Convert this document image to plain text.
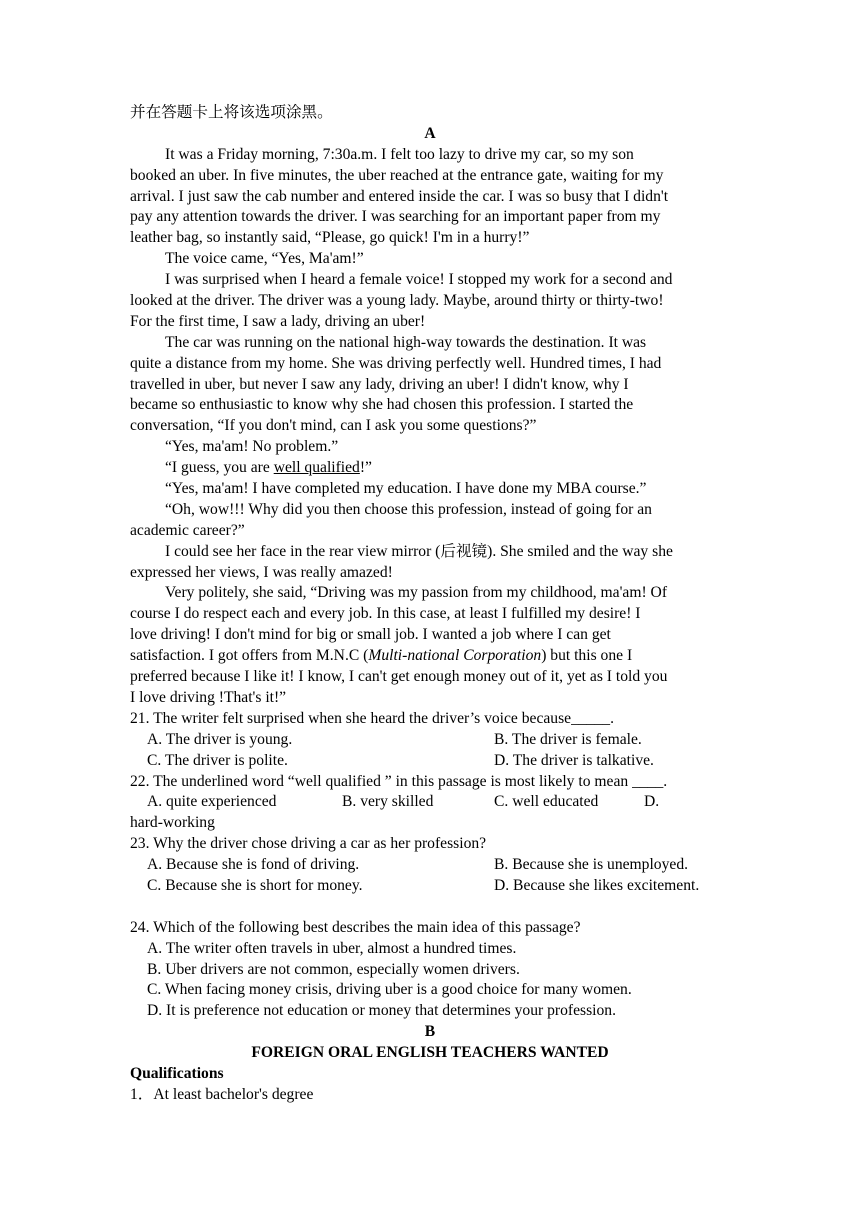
并在答题卡上将该选项涂黑。
A
It was a Friday morning, 7:30a.m. I felt too lazy to drive my car, so my son
booked an uber. In five minutes, the uber reached at the entrance gate, waiting for my
arrival. I just saw the cab number and entered inside the car. I was so busy that I didn't
pay any attention towards the driver. I was searching for an important paper from my
leather bag, so instantly said, “Please, go quick! I'm in a hurry!”
The voice came, “Yes, Ma'am!”
I was surprised when I heard a female voice! I stopped my work for a second and
looked at the driver. The driver was a young lady. Maybe, around thirty or thirty-two!
For the first time, I saw a lady, driving an uber!
The car was running on the national high-way towards the destination. It was
quite a distance from my home. She was driving perfectly well. Hundred times, I had
travelled in uber, but never I saw any lady, driving an uber! I didn't know, why I
became so enthusiastic to know why she had chosen this profession. I started the
conversation, “If you don't mind, can I ask you some questions?”
“Yes, ma'am! No problem.”
“I guess, you are well qualified!”
“Yes, ma'am! I have completed my education. I have done my MBA course.”
“Oh, wow!!! Why did you then choose this profession, instead of going for an
academic career?”
I could see her face in the rear view mirror (后视镜). She smiled and the way she
expressed her views, I was really amazed!
Very politely, she said, “Driving was my passion from my childhood, ma'am! Of
course I do respect each and every job. In this case, at least I fulfilled my desire! I
love driving! I don't mind for big or small job. I wanted a job where I can get
satisfaction. I got offers from M.N.C (Multi-national Corporation) but this one I
preferred because I like it! I know, I can't get enough money out of it, yet as I told you
I love driving !That's it!”
21. The writer felt surprised when she heard the driver’s voice because_____.
A. The driver is young.	B. The driver is female.
C. The driver is polite.	D. The driver is talkative.
22. The underlined word “well qualified ” in this passage is most likely to mean ____.
A. quite experienced	B. very skilled	C. well educated	D.
hard-working
23. Why the driver chose driving a car as her profession?
A. Because she is fond of driving.	B. Because she is unemployed.
C. Because she is short for money.	D. Because she likes excitement.
24. Which of the following best describes the main idea of this passage?
A. The writer often travels in uber, almost a hundred times.
B. Uber drivers are not common, especially women drivers.
C. When facing money crisis, driving uber is a good choice for many women.
D. It is preference not education or money that determines your profession.
B
FOREIGN ORAL ENGLISH TEACHERS WANTED
Qualifications
1．At least bachelor's degree
